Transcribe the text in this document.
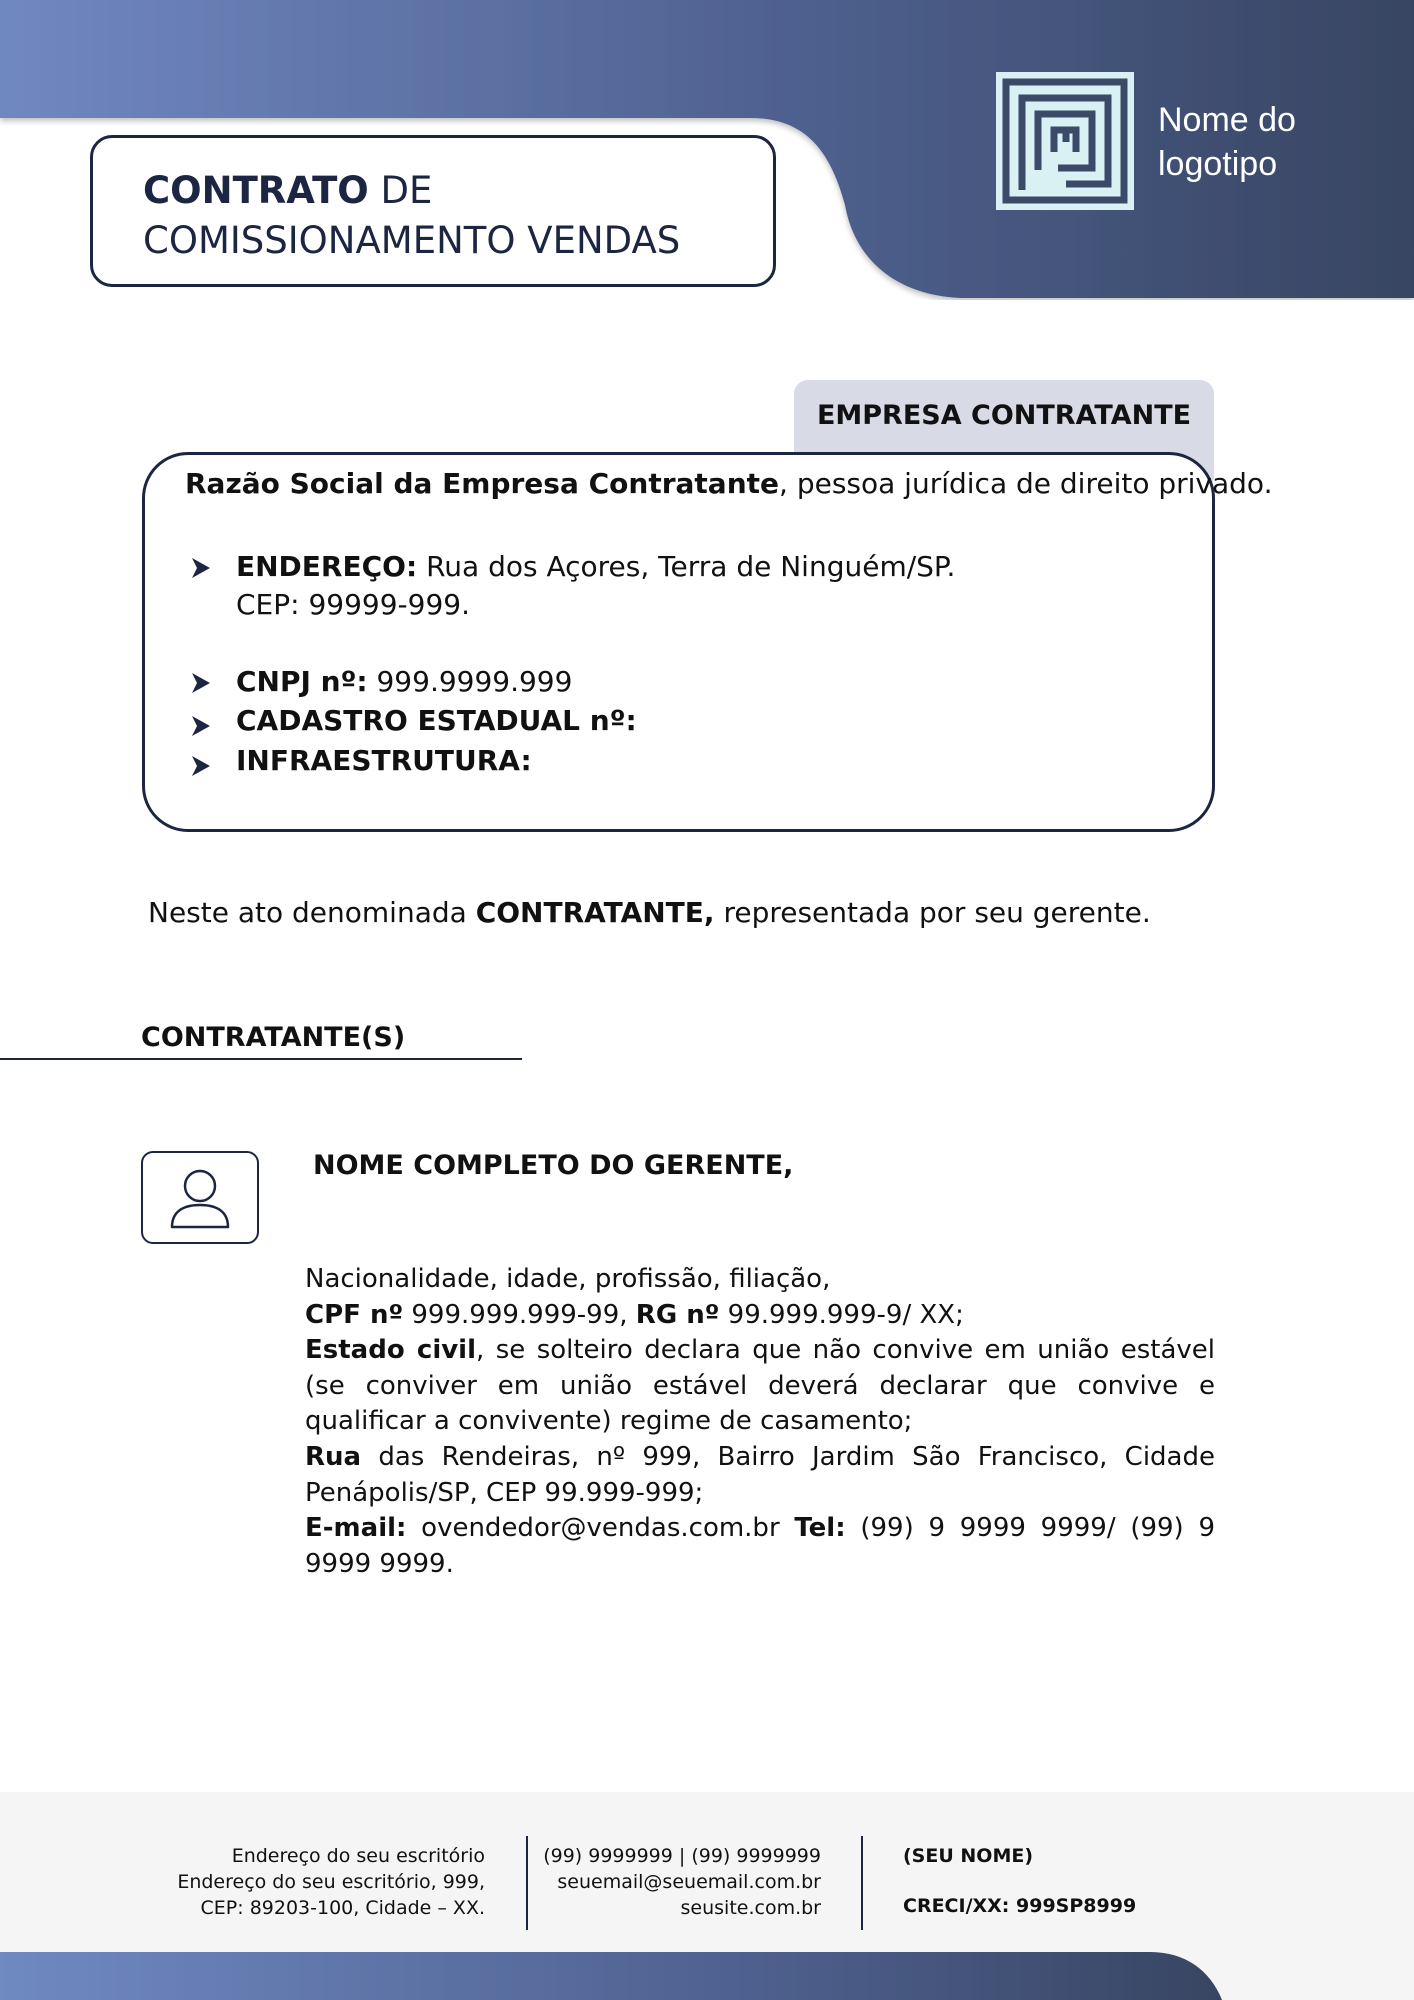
Nome do
logotipo
CONTRATO DE
COMISSIONAMENTO VENDAS
EMPRESA CONTRATANTE
Razão Social da Empresa Contratante, pessoa jurídica de direito privado.
ENDEREÇO: Rua dos Açores, Terra de Ninguém/SP.
CEP: 99999-999.
CNPJ nº: 999.9999.999
CADASTRO ESTADUAL nº:
INFRAESTRUTURA:
Neste ato denominada CONTRATANTE, representada por seu gerente.
CONTRATANTE(S)
NOME COMPLETO DO GERENTE,

Nacionalidade, idade, profissão, filiação,

CPF nº 999.999.999-99, RG nº 99.999.999-9/ XX;

Estado civil, se solteiro declara que não convive em união estável (se conviver em união estável deverá declarar que convive e qualificar a convivente) regime de casamento;

Rua das Rendeiras, nº 999, Bairro Jardim São Francisco, Cidade Penápolis/SP, CEP 99.999-999;

E-mail: ovendedor@vendas.com.br Tel: (99) 9 9999 9999/ (99) 9 9999 9999.

Endereço do seu escritório
Endereço do seu escritório, 999,
CEP: 89203-100, Cidade – XX.
(99) 9999999 | (99) 9999999
seuemail@seuemail.com.br
seusite.com.br
(SEU NOME)
CRECI/XX: 999SP8999
